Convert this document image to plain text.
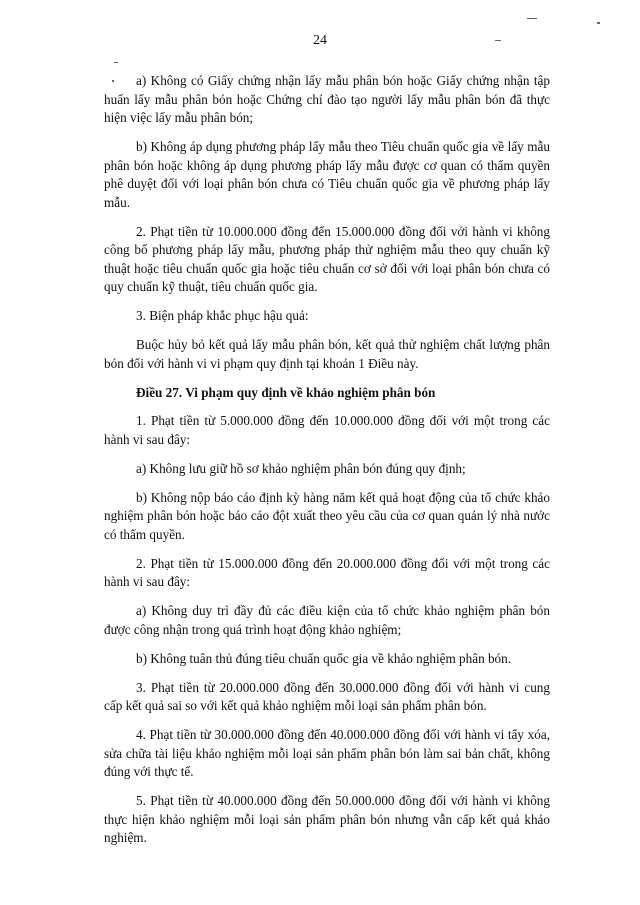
24

a) Không có Giấy chứng nhận lấy mẫu phân bón hoặc Giấy chứng nhận tập huấn lấy mẫu phân bón hoặc Chứng chỉ đào tạo người lấy mẫu phân bón đã thực hiện việc lấy mẫu phân bón;

b) Không áp dụng phương pháp lấy mẫu theo Tiêu chuẩn quốc gia về lấy mẫu phân bón hoặc không áp dụng phương pháp lấy mẫu được cơ quan có thẩm quyền phê duyệt đối với loại phân bón chưa có Tiêu chuẩn quốc gia về phương pháp lấy mẫu.

2. Phạt tiền từ 10.000.000 đồng đến 15.000.000 đồng đối với hành vi không công bố phương pháp lấy mẫu, phương pháp thử nghiệm mẫu theo quy chuẩn kỹ thuật hoặc tiêu chuẩn quốc gia hoặc tiêu chuẩn cơ sở đối với loại phân bón chưa có quy chuẩn kỹ thuật, tiêu chuẩn quốc gia.

3. Biện pháp khắc phục hậu quả:

Buộc hủy bỏ kết quả lấy mẫu phân bón, kết quả thử nghiệm chất lượng phân bón đối với hành vi vi phạm quy định tại khoản 1 Điều này.

Điều 27. Vi phạm quy định về khảo nghiệm phân bón

1. Phạt tiền từ 5.000.000 đồng đến 10.000.000 đồng đối với một trong các hành vi sau đây:

a) Không lưu giữ hồ sơ khảo nghiệm phân bón đúng quy định;

b) Không nộp báo cáo định kỳ hàng năm kết quả hoạt động của tổ chức khảo nghiệm phân bón hoặc báo cáo đột xuất theo yêu cầu của cơ quan quản lý nhà nước có thẩm quyền.

2. Phạt tiền từ 15.000.000 đồng đến 20.000.000 đồng đối với một trong các hành vi sau đây:

a) Không duy trì đầy đủ các điều kiện của tổ chức khảo nghiệm phân bón được công nhận trong quá trình hoạt động khảo nghiệm;

b) Không tuân thủ đúng tiêu chuẩn quốc gia về khảo nghiệm phân bón.

3. Phạt tiền từ 20.000.000 đồng đến 30.000.000 đồng đối với hành vi cung cấp kết quả sai so với kết quả khảo nghiệm mỗi loại sản phẩm phân bón.

4. Phạt tiền từ 30.000.000 đồng đến 40.000.000 đồng đối với hành vi tẩy xóa, sửa chữa tài liệu khảo nghiệm mỗi loại sản phẩm phân bón làm sai bản chất, không đúng với thực tế.

5. Phạt tiền từ 40.000.000 đồng đến 50.000.000 đồng đối với hành vi không thực hiện khảo nghiệm mỗi loại sản phẩm phân bón nhưng vẫn cấp kết quả khảo nghiệm.
